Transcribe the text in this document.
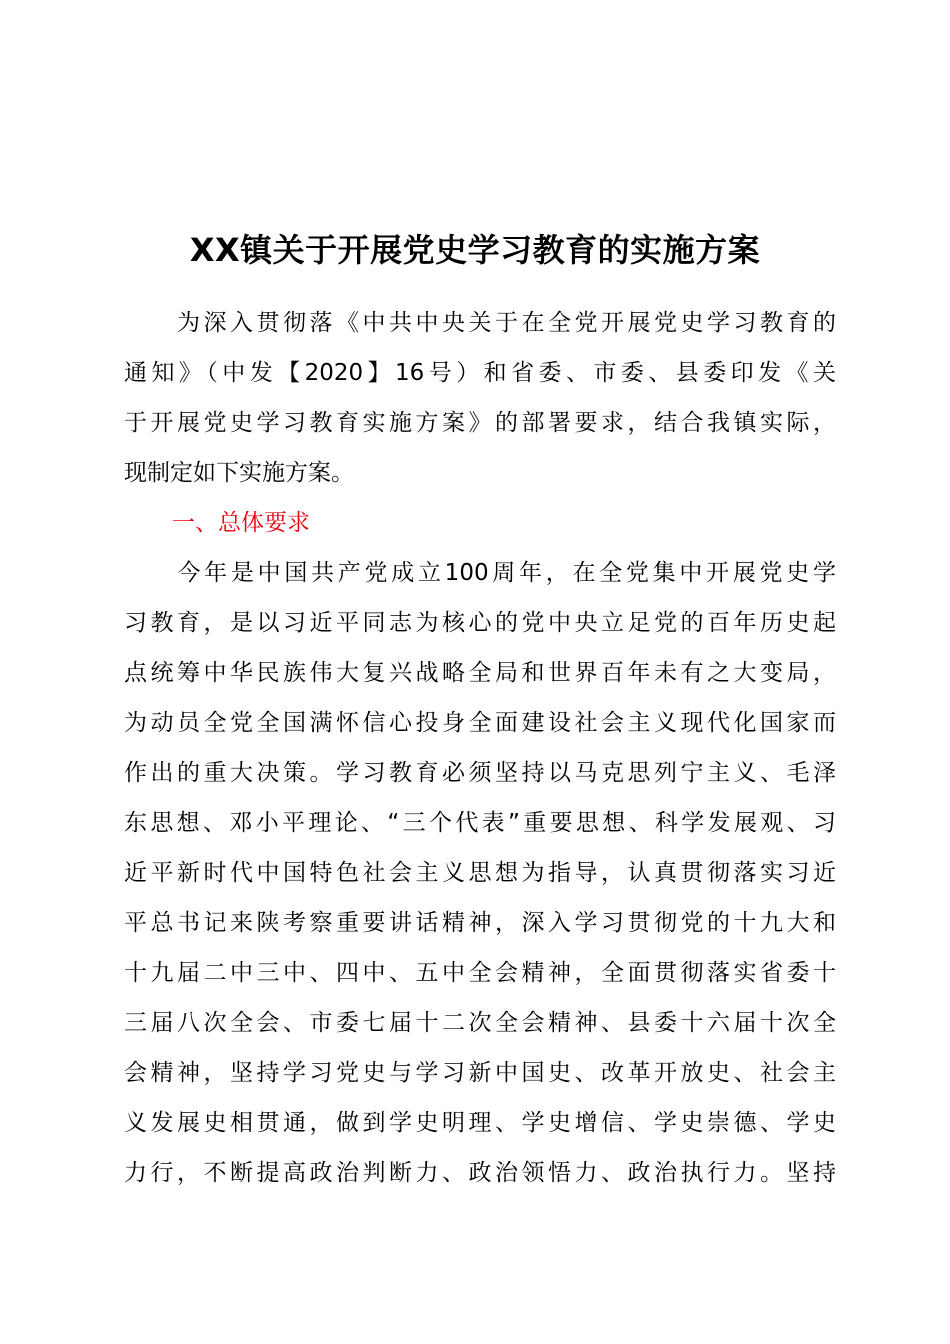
XX镇关于开展党史学习教育的实施方案
　　为深入贯彻落《中共中央关于在全党开展党史学习教育的
通知》（中发【2020】16号）和省委、市委、县委印发《关
于开展党史学习教育实施方案》的部署要求，结合我镇实际，
现制定如下实施方案。
一、总体要求
　　今年是中国共产党成立100周年，在全党集中开展党史学
习教育，是以习近平同志为核心的党中央立足党的百年历史起
点统筹中华民族伟大复兴战略全局和世界百年未有之大变局，
为动员全党全国满怀信心投身全面建设社会主义现代化国家而
作出的重大决策。学习教育必须坚持以马克思列宁主义、毛泽
东思想、邓小平理论、“三个代表”重要思想、科学发展观、习
近平新时代中国特色社会主义思想为指导，认真贯彻落实习近
平总书记来陕考察重要讲话精神，深入学习贯彻党的十九大和
十九届二中三中、四中、五中全会精神，全面贯彻落实省委十
三届八次全会、市委七届十二次全会精神、县委十六届十次全
会精神，坚持学习党史与学习新中国史、改革开放史、社会主
义发展史相贯通，做到学史明理、学史增信、学史崇德、学史
力行，不断提高政治判断力、政治领悟力、政治执行力。坚持
